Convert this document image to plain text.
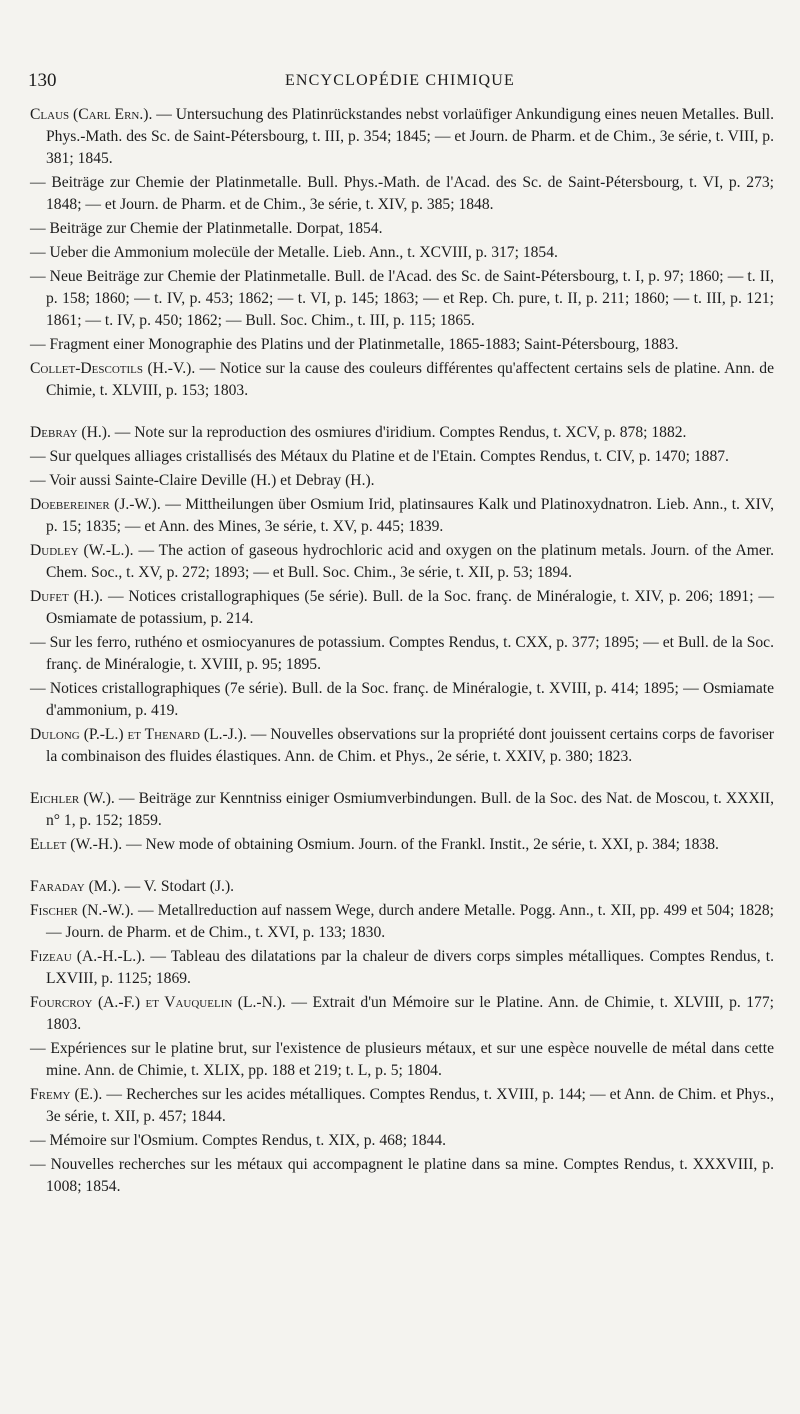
130	ENCYCLOPÉDIE CHIMIQUE

Claus (Carl Ern.). — Untersuchung des Platinrückstandes nebst vorlaüfiger Ankundigung eines neuen Metalles. Bull. Phys.-Math. des Sc. de Saint-Pétersbourg, t. III, p. 354; 1845; — et Journ. de Pharm. et de Chim., 3e série, t. VIII, p. 381; 1845.

— Beiträge zur Chemie der Platinmetalle. Bull. Phys.-Math. de l'Acad. des Sc. de Saint-Pétersbourg, t. VI, p. 273; 1848; — et Journ. de Pharm. et de Chim., 3e série, t. XIV, p. 385; 1848.

— Beiträge zur Chemie der Platinmetalle. Dorpat, 1854.

— Ueber die Ammonium molecüle der Metalle. Lieb. Ann., t. XCVIII, p. 317; 1854.

— Neue Beiträge zur Chemie der Platinmetalle. Bull. de l'Acad. des Sc. de Saint-Pétersbourg, t. I, p. 97; 1860; — t. II, p. 158; 1860; — t. IV, p. 453; 1862; — t. VI, p. 145; 1863; — et Rep. Ch. pure, t. II, p. 211; 1860; — t. III, p. 121; 1861; — t. IV, p. 450; 1862; — Bull. Soc. Chim., t. III, p. 115; 1865.

— Fragment einer Monographie des Platins und der Platinmetalle, 1865-1883; Saint-Pétersbourg, 1883.

Collet-Descotils (H.-V.). — Notice sur la cause des couleurs différentes qu'affectent certains sels de platine. Ann. de Chimie, t. XLVIII, p. 153; 1803.

Debray (H.). — Note sur la reproduction des osmiures d'iridium. Comptes Rendus, t. XCV, p. 878; 1882.

— Sur quelques alliages cristallisés des Métaux du Platine et de l'Etain. Comptes Rendus, t. CIV, p. 1470; 1887.

— Voir aussi Sainte-Claire Deville (H.) et Debray (H.).

Doebereiner (J.-W.). — Mittheilungen über Osmium Irid, platinsaures Kalk und Platinoxydnatron. Lieb. Ann., t. XIV, p. 15; 1835; — et Ann. des Mines, 3e série, t. XV, p. 445; 1839.

Dudley (W.-L.). — The action of gaseous hydrochloric acid and oxygen on the platinum metals. Journ. of the Amer. Chem. Soc., t. XV, p. 272; 1893; — et Bull. Soc. Chim., 3e série, t. XII, p. 53; 1894.

Dufet (H.). — Notices cristallographiques (5e série). Bull. de la Soc. franç. de Minéralogie, t. XIV, p. 206; 1891; — Osmiamate de potassium, p. 214.

— Sur les ferro, ruthéno et osmiocyanures de potassium. Comptes Rendus, t. CXX, p. 377; 1895; — et Bull. de la Soc. franç. de Minéralogie, t. XVIII, p. 95; 1895.

— Notices cristallographiques (7e série). Bull. de la Soc. franç. de Minéralogie, t. XVIII, p. 414; 1895; — Osmiamate d'ammonium, p. 419.

Dulong (P.-L.) et Thenard (L.-J.). — Nouvelles observations sur la propriété dont jouissent certains corps de favoriser la combinaison des fluides élastiques. Ann. de Chim. et Phys., 2e série, t. XXIV, p. 380; 1823.

Eichler (W.). — Beiträge zur Kenntniss einiger Osmiumverbindungen. Bull. de la Soc. des Nat. de Moscou, t. XXXII, n° 1, p. 152; 1859.

Ellet (W.-H.). — New mode of obtaining Osmium. Journ. of the Frankl. Instit., 2e série, t. XXI, p. 384; 1838.

Faraday (M.). — V. Stodart (J.).

Fischer (N.-W.). — Metallreduction auf nassem Wege, durch andere Metalle. Pogg. Ann., t. XII, pp. 499 et 504; 1828; — Journ. de Pharm. et de Chim., t. XVI, p. 133; 1830.

Fizeau (A.-H.-L.). — Tableau des dilatations par la chaleur de divers corps simples métalliques. Comptes Rendus, t. LXVIII, p. 1125; 1869.

Fourcroy (A.-F.) et Vauquelin (L.-N.). — Extrait d'un Mémoire sur le Platine. Ann. de Chimie, t. XLVIII, p. 177; 1803.

— Expériences sur le platine brut, sur l'existence de plusieurs métaux, et sur une espèce nouvelle de métal dans cette mine. Ann. de Chimie, t. XLIX, pp. 188 et 219; t. L, p. 5; 1804.

Fremy (E.). — Recherches sur les acides métalliques. Comptes Rendus, t. XVIII, p. 144; — et Ann. de Chim. et Phys., 3e série, t. XII, p. 457; 1844.

— Mémoire sur l'Osmium. Comptes Rendus, t. XIX, p. 468; 1844.

— Nouvelles recherches sur les métaux qui accompagnent le platine dans sa mine. Comptes Rendus, t. XXXVIII, p. 1008; 1854.
